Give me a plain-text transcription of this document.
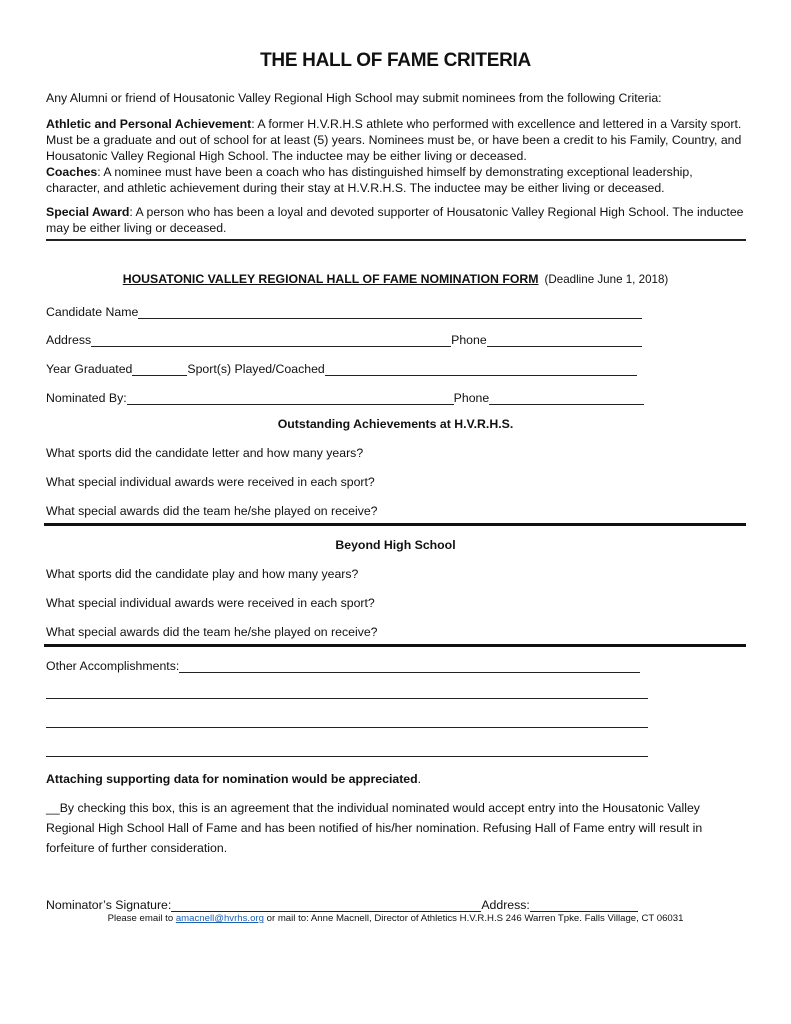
THE HALL OF FAME CRITERIA
Any Alumni or friend of Housatonic Valley Regional High School may submit nominees from the following Criteria:
Athletic and Personal Achievement: A former H.V.R.H.S athlete who performed with excellence and lettered in a Varsity sport. Must be a graduate and out of school for at least (5) years. Nominees must be, or have been a credit to his Family, Country, and Housatonic Valley Regional High School. The inductee may be either living or deceased.
Coaches: A nominee must have been a coach who has distinguished himself by demonstrating exceptional leadership, character, and athletic achievement during their stay at H.V.R.H.S. The inductee may be either living or deceased.
Special Award: A person who has been a loyal and devoted supporter of Housatonic Valley Regional High School. The inductee may be either living or deceased.
HOUSATONIC VALLEY REGIONAL HALL OF FAME NOMINATION FORM (Deadline June 1, 2018)
Candidate Name
Address	Phone
Year Graduated	Sport(s) Played/Coached
Nominated By:	Phone
Outstanding Achievements at H.V.R.H.S.
What sports did the candidate letter and how many years?
What special individual awards were received in each sport?
What special awards did the team he/she played on receive?
Beyond High School
What sports did the candidate play and how many years?
What special individual awards were received in each sport?
What special awards did the team he/she played on receive?
Other Accomplishments:
Attaching supporting data for nomination would be appreciated.
__By checking this box, this is an agreement that the individual nominated would accept entry into the Housatonic Valley Regional High School Hall of Fame and has been notified of his/her nomination. Refusing Hall of Fame entry will result in forfeiture of further consideration.
Nominator’s Signature:	Address:
Please email to amacnell@hvrhs.org or mail to: Anne Macnell, Director of Athletics H.V.R.H.S 246 Warren Tpke. Falls Village, CT 06031
